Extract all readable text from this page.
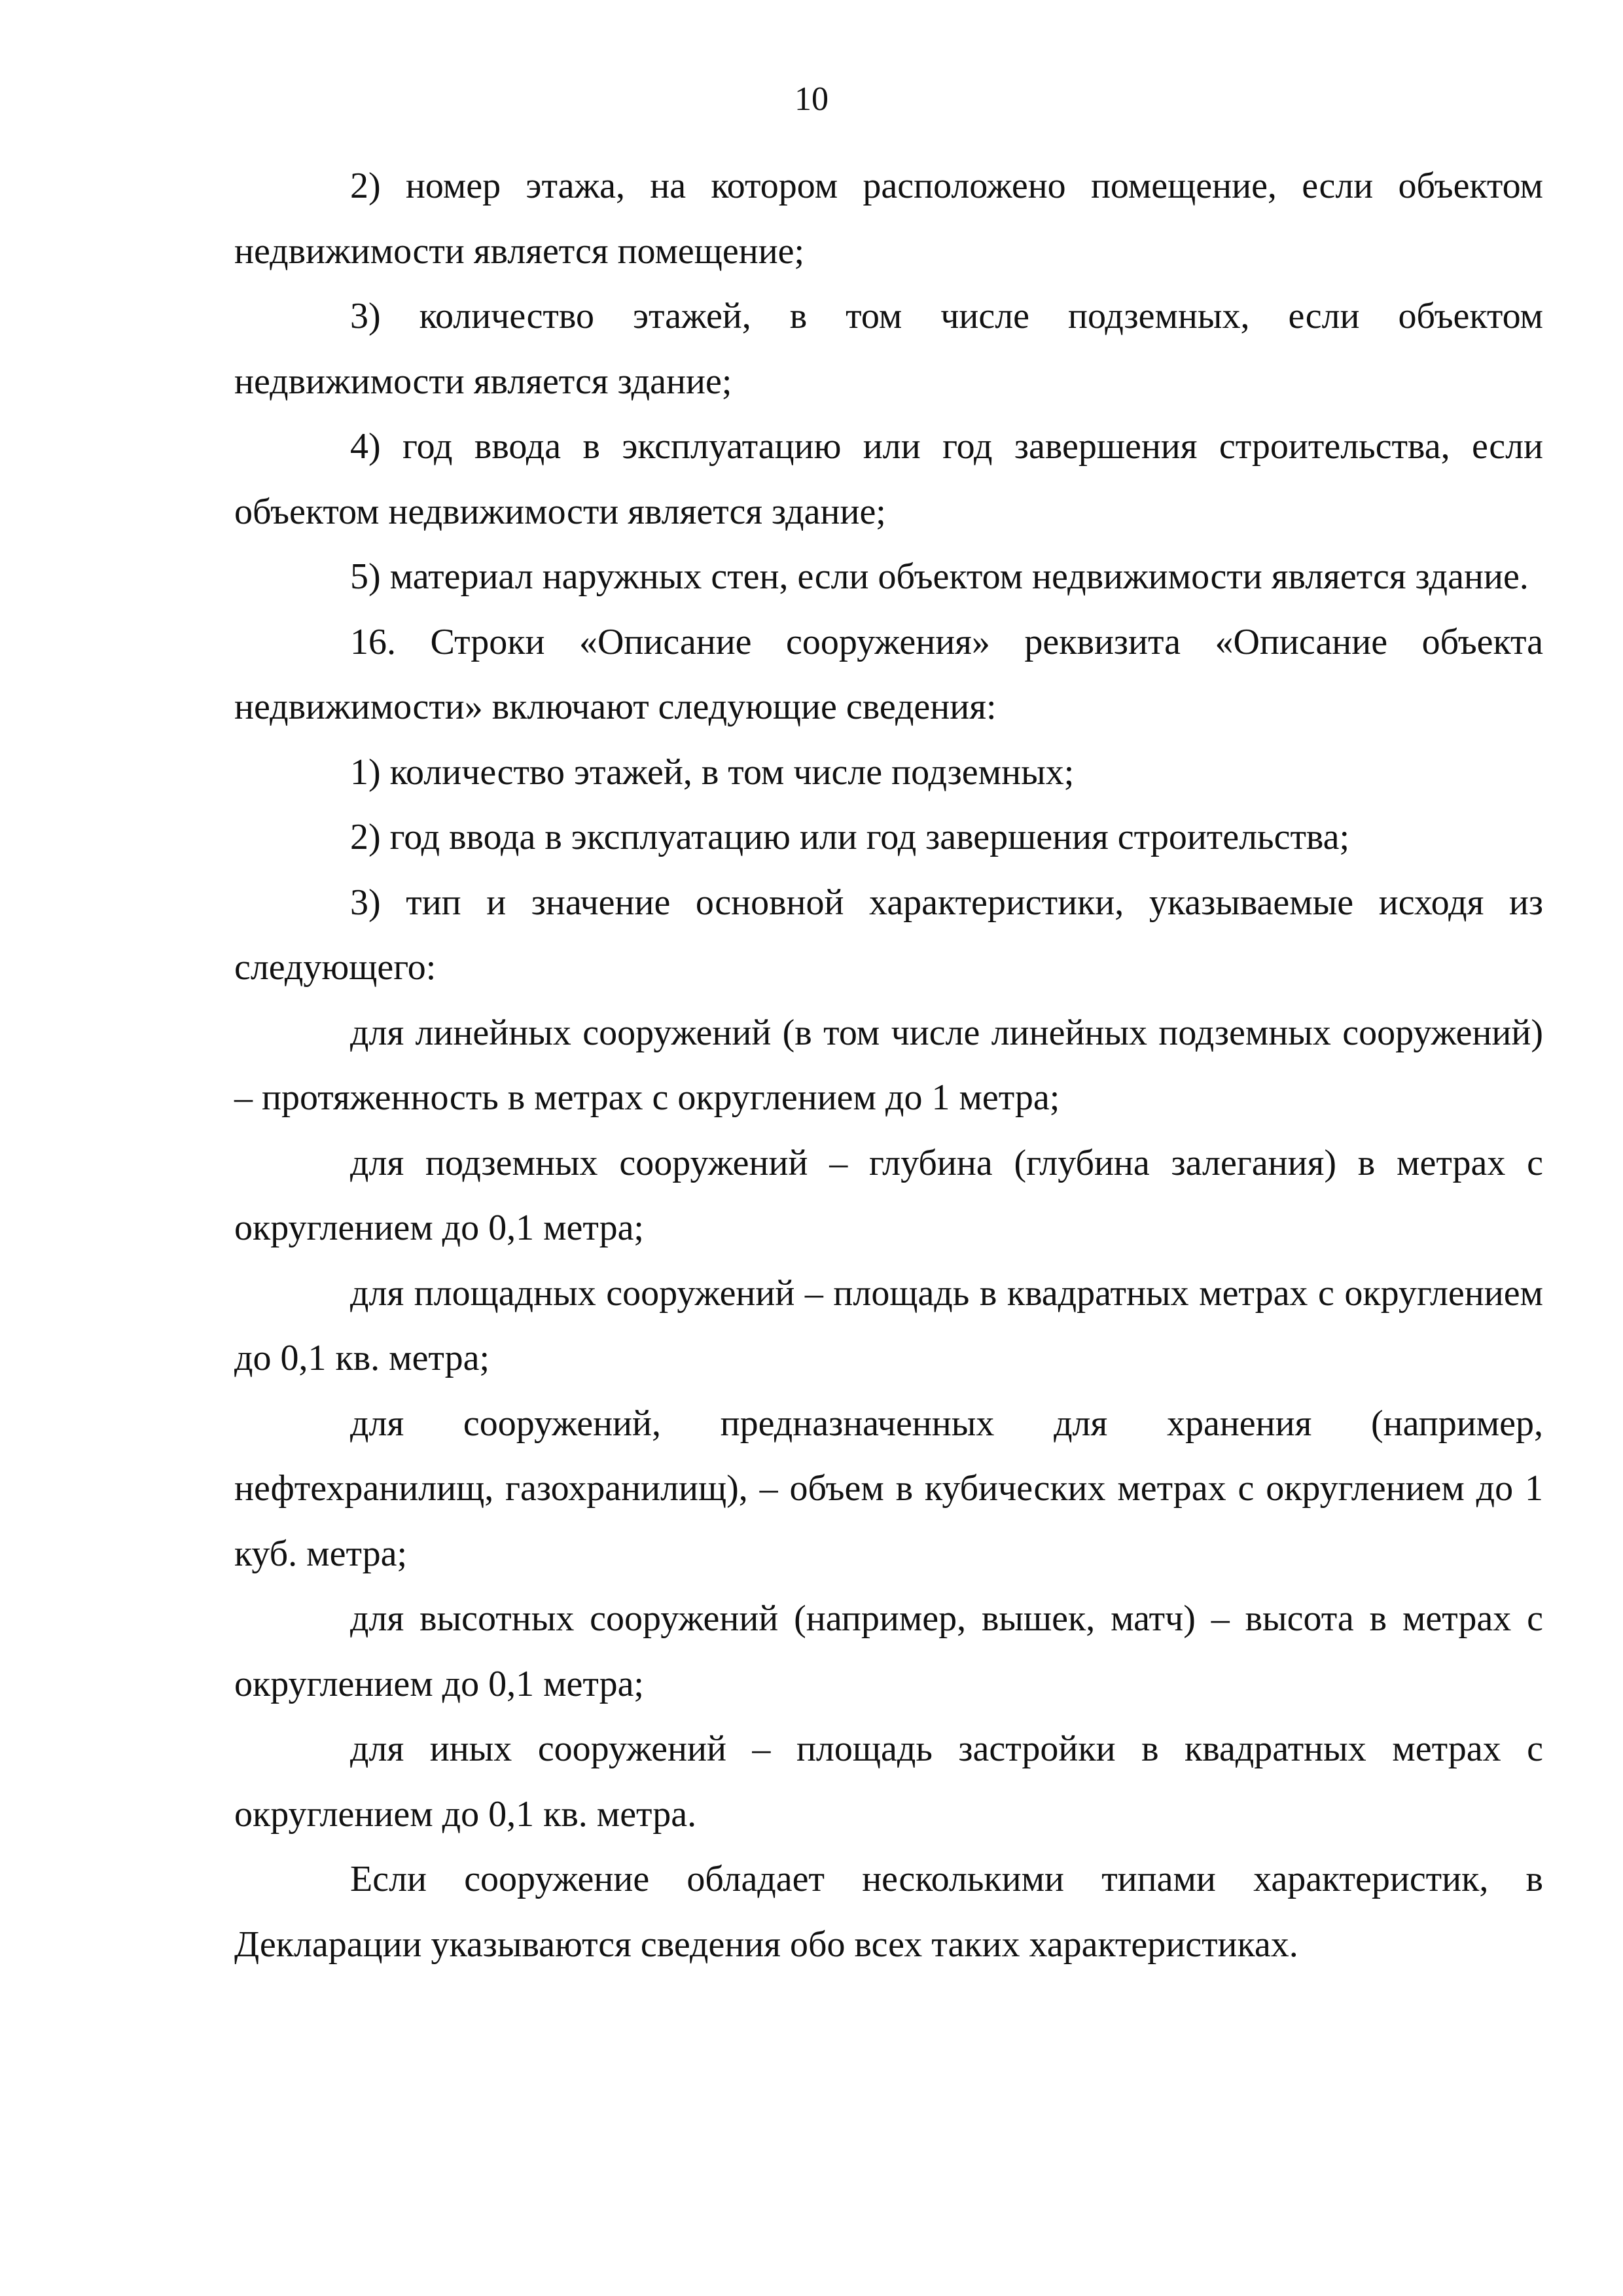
10

2) номер этажа, на котором расположено помещение, если объектом недвижимости является помещение;

3) количество этажей, в том числе подземных, если объектом недвижимости является здание;

4) год ввода в эксплуатацию или год завершения строительства, если объектом недвижимости является здание;

5) материал наружных стен, если объектом недвижимости является здание.

16. Строки «Описание сооружения» реквизита «Описание объекта недвижимости» включают следующие сведения:

1) количество этажей, в том числе подземных;

2) год ввода в эксплуатацию или год завершения строительства;

3) тип и значение основной характеристики, указываемые исходя из следующего:

для линейных сооружений (в том числе линейных подземных сооружений) – протяженность в метрах с округлением до 1 метра;

для подземных сооружений – глубина (глубина залегания) в метрах с округлением до 0,1 метра;

для площадных сооружений – площадь в квадратных метрах с округлением до 0,1 кв. метра;

для сооружений, предназначенных для хранения (например, нефтехранилищ, газохранилищ), – объем в кубических метрах с округлением до 1 куб. метра;

для высотных сооружений (например, вышек, матч) – высота в метрах с округлением до 0,1 метра;

для иных сооружений – площадь застройки в квадратных метрах с округлением до 0,1 кв. метра.

Если сооружение обладает несколькими типами характеристик, в Декларации указываются сведения обо всех таких характеристиках.
